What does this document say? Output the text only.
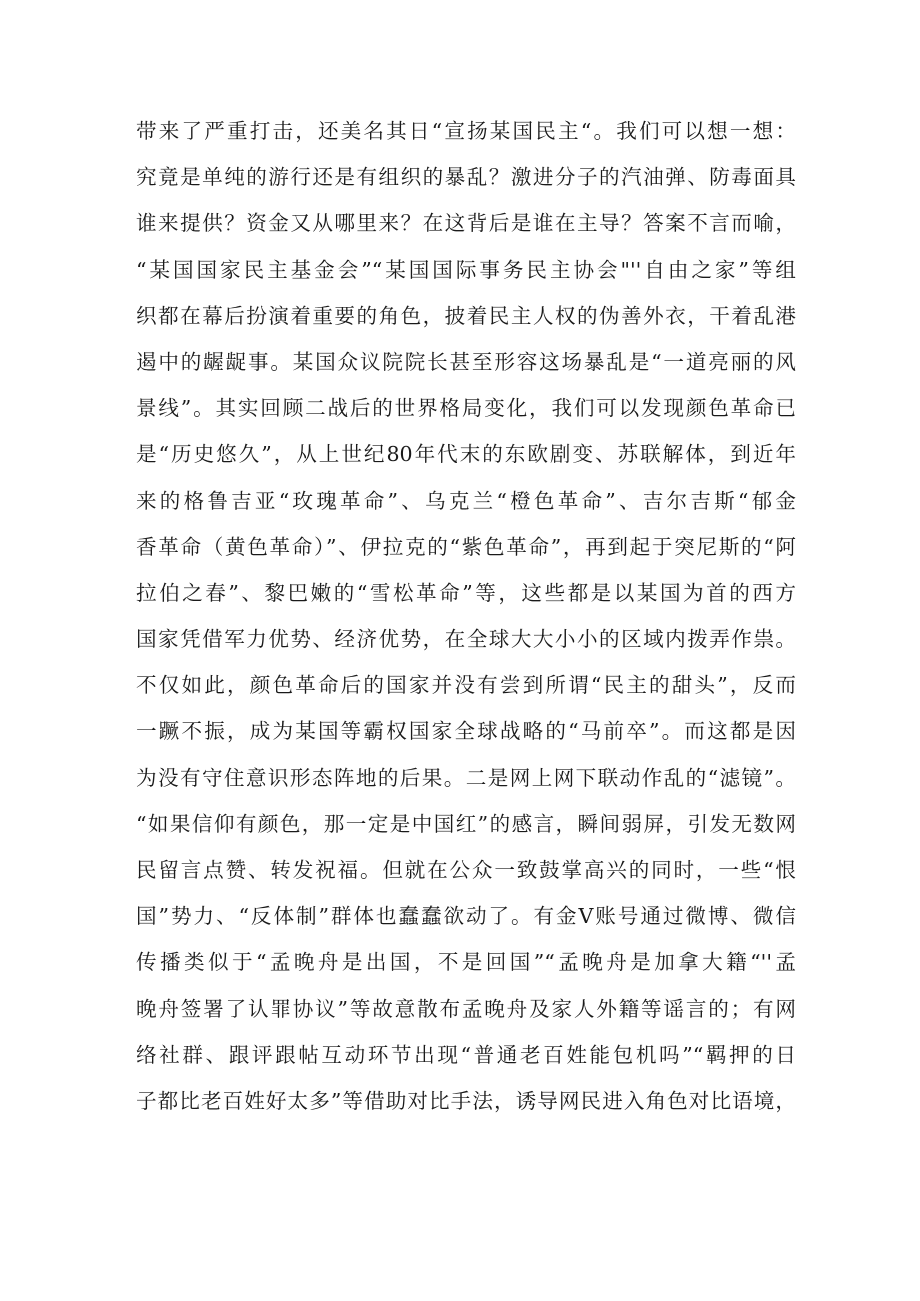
带来了严重打击，还美名其日“宣扬某国民主“。我们可以想一想：
究竟是单纯的游行还是有组织的暴乱？激进分子的汽油弹、防毒面具
谁来提供？资金又从哪里来？在这背后是谁在主导？答案不言而喻，
“某国国家民主基金会”“某国国际事务民主协会"''自由之家”等组
织都在幕后扮演着重要的角色，披着民主人权的伪善外衣，干着乱港
遏中的龌龊事。某国众议院院长甚至形容这场暴乱是“一道亮丽的风
景线”。其实回顾二战后的世界格局变化，我们可以发现颜色革命已
是“历史悠久”，从上世纪80年代末的东欧剧变、苏联解体，到近年
来的格鲁吉亚“玫瑰革命”、乌克兰“橙色革命”、吉尔吉斯“郁金
香革命（黄色革命）”、伊拉克的“紫色革命”，再到起于突尼斯的“阿
拉伯之春”、黎巴嫩的“雪松革命”等，这些都是以某国为首的西方
国家凭借军力优势、经济优势，在全球大大小小的区域内拨弄作祟。
不仅如此，颜色革命后的国家并没有尝到所谓“民主的甜头”，反而
一蹶不振，成为某国等霸权国家全球战略的“马前卒”。而这都是因
为没有守住意识形态阵地的后果。二是网上网下联动作乱的“滤镜”。
“如果信仰有颜色，那一定是中国红”的感言，瞬间弱屏，引发无数网
民留言点赞、转发祝福。但就在公众一致鼓掌高兴的同时，一些“恨
国”势力、“反体制”群体也蠢蠢欲动了。有金V账号通过微博、微信
传播类似于“孟晚舟是出国，不是回国”“孟晚舟是加拿大籍“''孟
晚舟签署了认罪协议”等故意散布孟晚舟及家人外籍等谣言的；有网
络社群、跟评跟帖互动环节出现“普通老百姓能包机吗”“羁押的日
子都比老百姓好太多”等借助对比手法，诱导网民进入角色对比语境，
